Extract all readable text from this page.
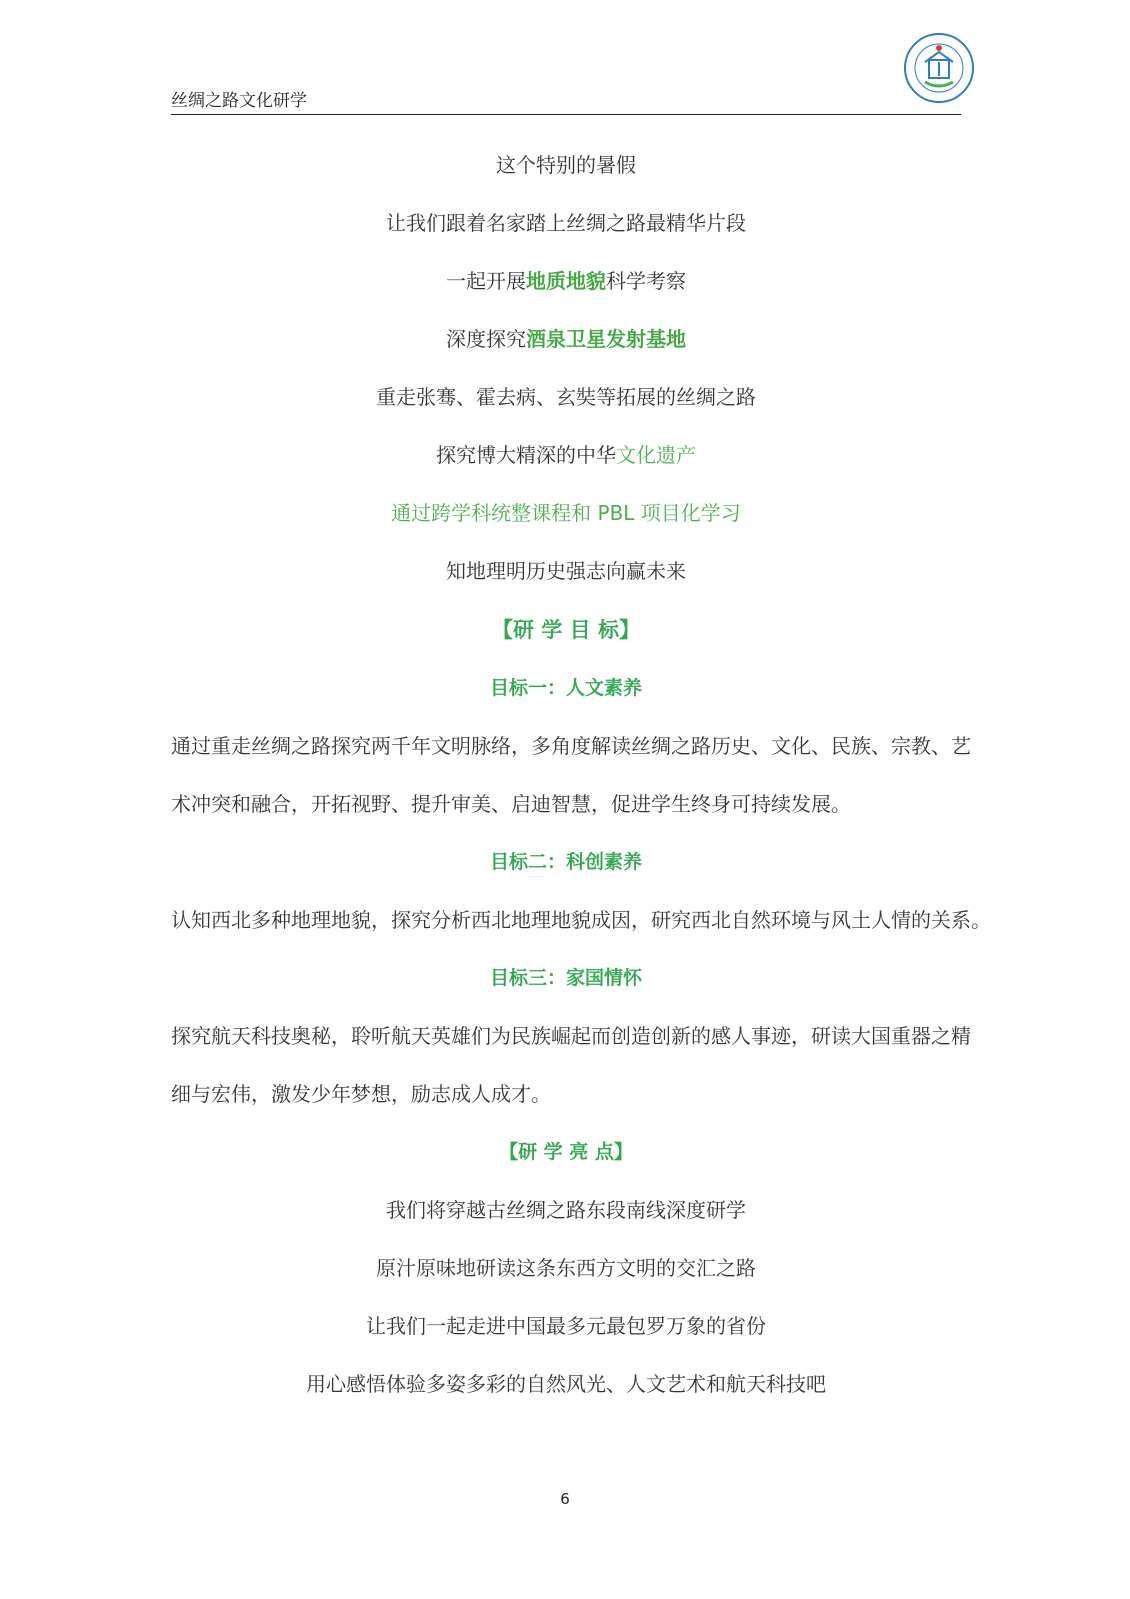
丝绸之路文化研学
这个特别的暑假
让我们跟着名家踏上丝绸之路最精华片段
一起开展地质地貌科学考察
深度探究酒泉卫星发射基地
重走张骞、霍去病、玄奘等拓展的丝绸之路
探究博大精深的中华文化遗产
通过跨学科统整课程和 PBL 项目化学习
知地理明历史强志向赢未来
【研 学 目 标】
目标一：人文素养
通过重走丝绸之路探究两千年文明脉络，多角度解读丝绸之路历史、文化、民族、宗教、艺
术冲突和融合，开拓视野、提升审美、启迪智慧，促进学生终身可持续发展。
目标二：科创素养
认知西北多种地理地貌，探究分析西北地理地貌成因，研究西北自然环境与风土人情的关系。
目标三：家国情怀
探究航天科技奥秘，聆听航天英雄们为民族崛起而创造创新的感人事迹，研读大国重器之精
细与宏伟，激发少年梦想，励志成人成才。
【研 学 亮 点】
我们将穿越古丝绸之路东段南线深度研学
原汁原味地研读这条东西方文明的交汇之路
让我们一起走进中国最多元最包罗万象的省份
用心感悟体验多姿多彩的自然风光、人文艺术和航天科技吧
6
